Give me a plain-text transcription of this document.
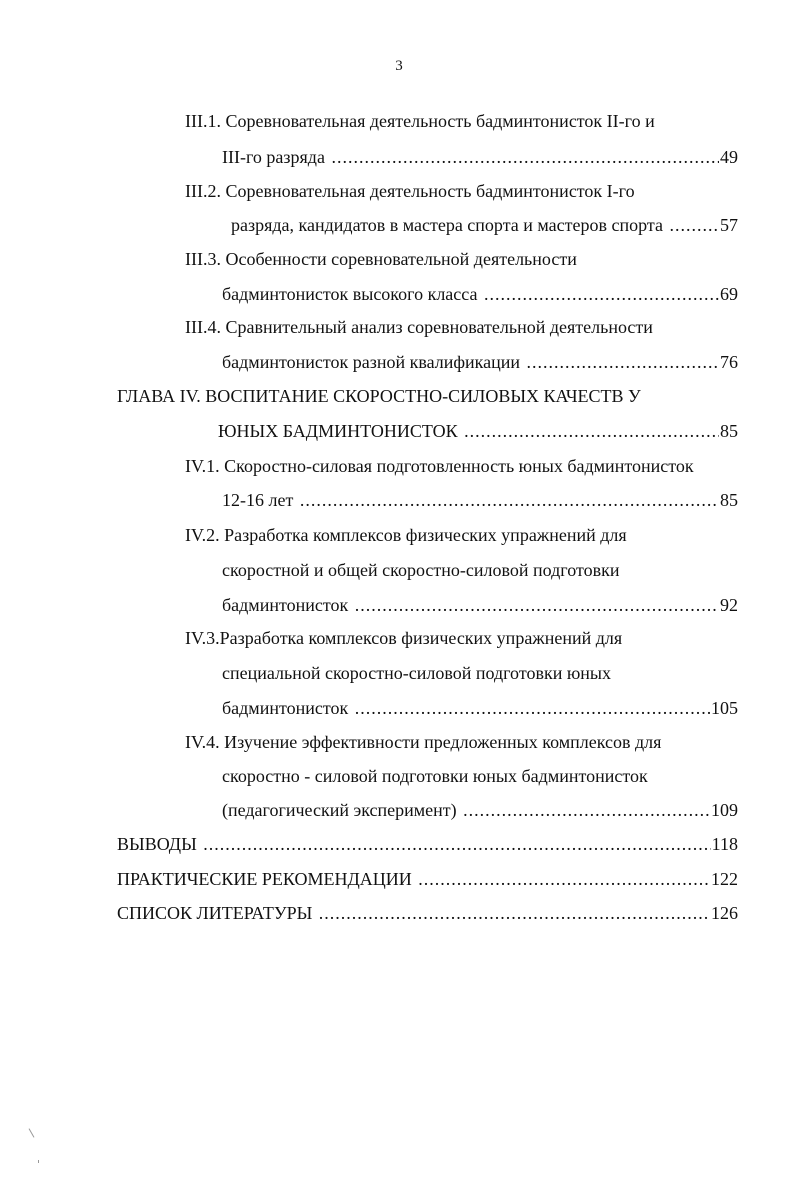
3
III.1. Соревновательная деятельность бадминтонисток II-го и
III-го разряда	49
.....
III.2. Соревновательная деятельность бадминтонисток I-го
разряда, кандидатов в мастера спорта и мастеров спорта	57
.....
III.3. Особенности соревновательной деятельности
бадминтонисток высокого класса	69
.....
III.4. Сравнительный анализ соревновательной деятельности
бадминтонисток разной квалификации	76
.....
ГЛАВА IV. ВОСПИТАНИЕ СКОРОСТНО-СИЛОВЫХ КАЧЕСТВ У
ЮНЫХ БАДМИНТОНИСТОК	85
.....
IV.1. Скоростно-силовая подготовленность юных бадминтонисток
12-16 лет	85
.....
IV.2. Разработка комплексов физических упражнений для
скоростной и общей скоростно-силовой подготовки
бадминтонисток	92
.....
IV.3.Разработка комплексов физических упражнений для
специальной скоростно-силовой подготовки юных
бадминтонисток	105
.....
IV.4. Изучение эффективности предложенных комплексов для
скоростно - силовой подготовки юных бадминтонисток
(педагогический эксперимент)	109
.....
ВЫВОДЫ	118
.....
ПРАКТИЧЕСКИЕ РЕКОМЕНДАЦИИ	122
.....
СПИСОК ЛИТЕРАТУРЫ	126
.....
